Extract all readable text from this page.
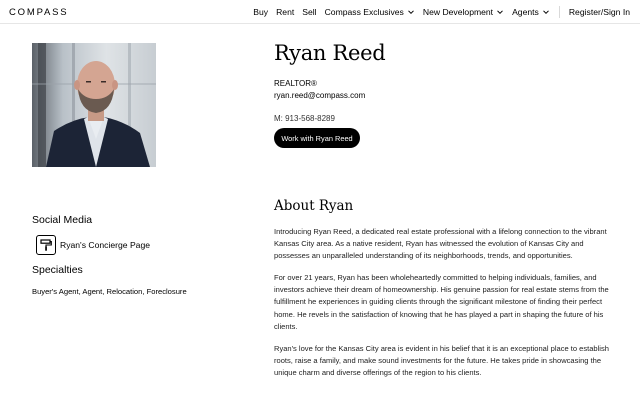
COMPASS	Buy Rent Sell Compass Exclusives New Development Agents	Register/Sign In
Ryan Reed
REALTOR®
ryan.reed@compass.com
M: 913-568-8289
Work with Ryan Reed
Social Media
Ryan's Concierge Page
Specialties
Buyer's Agent, Agent, Relocation, Foreclosure
About Ryan

Introducing Ryan Reed, a dedicated real estate professional with a lifelong connection to the vibrant Kansas City area. As a native resident, Ryan has witnessed the evolution of Kansas City and possesses an unparalleled understanding of its neighborhoods, trends, and opportunities.

For over 21 years, Ryan has been wholeheartedly committed to helping individuals, families, and investors achieve their dream of homeownership. His genuine passion for real estate stems from the fulfillment he experiences in guiding clients through the significant milestone of finding their perfect home. He revels in the satisfaction of knowing that he has played a part in shaping the future of his clients.

Ryan's love for the Kansas City area is evident in his belief that it is an exceptional place to establish roots, raise a family, and make sound investments for the future. He takes pride in showcasing the unique charm and diverse offerings of the region to his clients.
